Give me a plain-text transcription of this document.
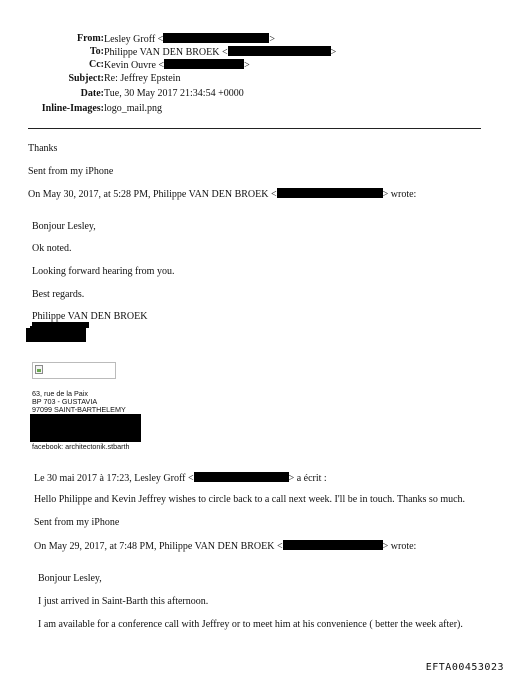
From: Lesley Groff <	>
To: Philippe VAN DEN BROEK <	>
Cc: Kevin Ouvre <	>
Subject: Re: Jeffrey Epstein
Date: Tue, 30 May 2017 21:34:54 +0000
Inline-Images: logo_mail.png
Thanks
Sent from my iPhone
On May 30, 2017, at 5:28 PM, Philippe VAN DEN BROEK <	> wrote:
Bonjour Lesley,
Ok noted.
Looking forward hearing from you.
Best regards.
Philippe VAN DEN BROEK
63, rue de la Paix
BP 703 - GUSTAVIA
97099 SAINT-BARTHELEMY
facebook: architectonik.stbarth
Le 30 mai 2017 à 17:23, Lesley Groff <	> a écrit :
Hello Philippe and Kevin Jeffrey wishes to circle back to a call next week. I'll be in touch. Thanks so much.
Sent from my iPhone
On May 29, 2017, at 7:48 PM, Philippe VAN DEN BROEK <	> wrote:
Bonjour Lesley,
I just arrived in Saint-Barth this afternoon.
I am available for a conference call with Jeffrey or to meet him at his convenience ( better the week after).
EFTA00453023
